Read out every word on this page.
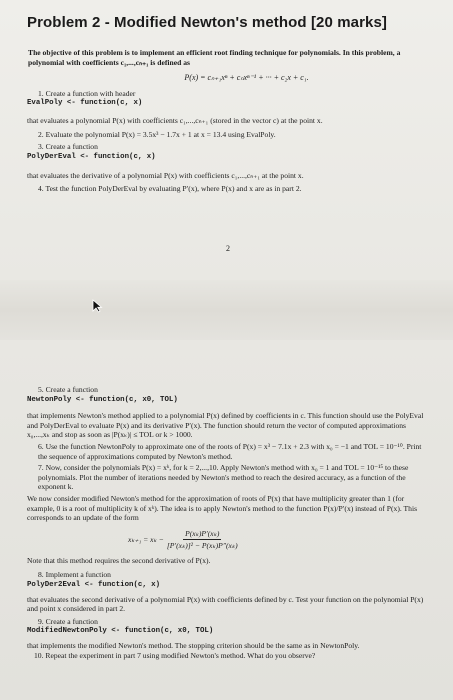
Problem 2 - Modified Newton's method [20 marks]

The objective of this problem is to implement an efficient root finding technique for polynomials. In this problem, a polynomial with coefficients c₁,...,cₙ₊₁ is defined as

P(x) = cₙ₊₁xⁿ + cₙxⁿ⁻¹ + ··· + c₂x + c₁.

1. Create a function with header

EvalPoly <- function(c, x)

that evaluates a polynomial P(x) with coefficients c₁,...,cₙ₊₁ (stored in the vector c) at the point x.

2. Evaluate the polynomial P(x) = 3.5x³ − 1.7x + 1 at x = 13.4 using EvalPoly.

3. Create a function

PolyDerEval <- function(c, x)

that evaluates the derivative of a polynomial P(x) with coefficients c₁,...,cₙ₊₁ at the point x.

4. Test the function PolyDerEval by evaluating P′(x), where P(x) and x are as in part 2.

2

5. Create a function

NewtonPoly <- function(c, x0, TOL)

that implements Newton's method applied to a polynomial P(x) defined by coefficients in c. This function should use the PolyEval and PolyDerEval to evaluate P(x) and its derivative P′(x). The function should return the vector of computed approximations x₀,...,xₖ and stop as soon as |P(xₖ)| ≤ TOL or k > 1000.

6. Use the function NewtonPoly to approximate one of the roots of P(x) = x³ − 7.1x + 2.3 with x₀ = −1 and TOL = 10⁻¹⁰. Print the sequence of approximations computed by Newton's method.

7. Now, consider the polynomials P(x) = xᵏ, for k = 2,...,10. Apply Newton's method with x₀ = 1 and TOL = 10⁻¹⁵ to these polynomials. Plot the number of iterations needed by Newton's method to reach the desired accuracy, as a function of the exponent k.

We now consider modified Newton's method for the approximation of roots of P(x) that have multiplicity greater than 1 (for example, 0 is a root of multiplicity k of xᵏ). The idea is to apply Newton's method to the function P(x)/P′(x) instead of P(x). This corresponds to an update of the form

$x_{k+1} = x_k - \frac{\text{P(xₖ)P′(xₖ)}}{\text{[P′(xₖ)]² − P(xₖ)P″(xₖ)}}$

Note that this method requires the second derivative of P(x).

8. Implement a function

PolyDer2Eval <- function(c, x)

that evaluates the second derivative of a polynomial P(x) with coefficients defined by c. Test your function on the polynomial P(x) and point x considered in part 2.

9. Create a function

ModifiedNewtonPoly <- function(c, x0, TOL)

that implements the modified Newton's method. The stopping criterion should be the same as in NewtonPoly.

10. Repeat the experiment in part 7 using modified Newton's method. What do you observe?
